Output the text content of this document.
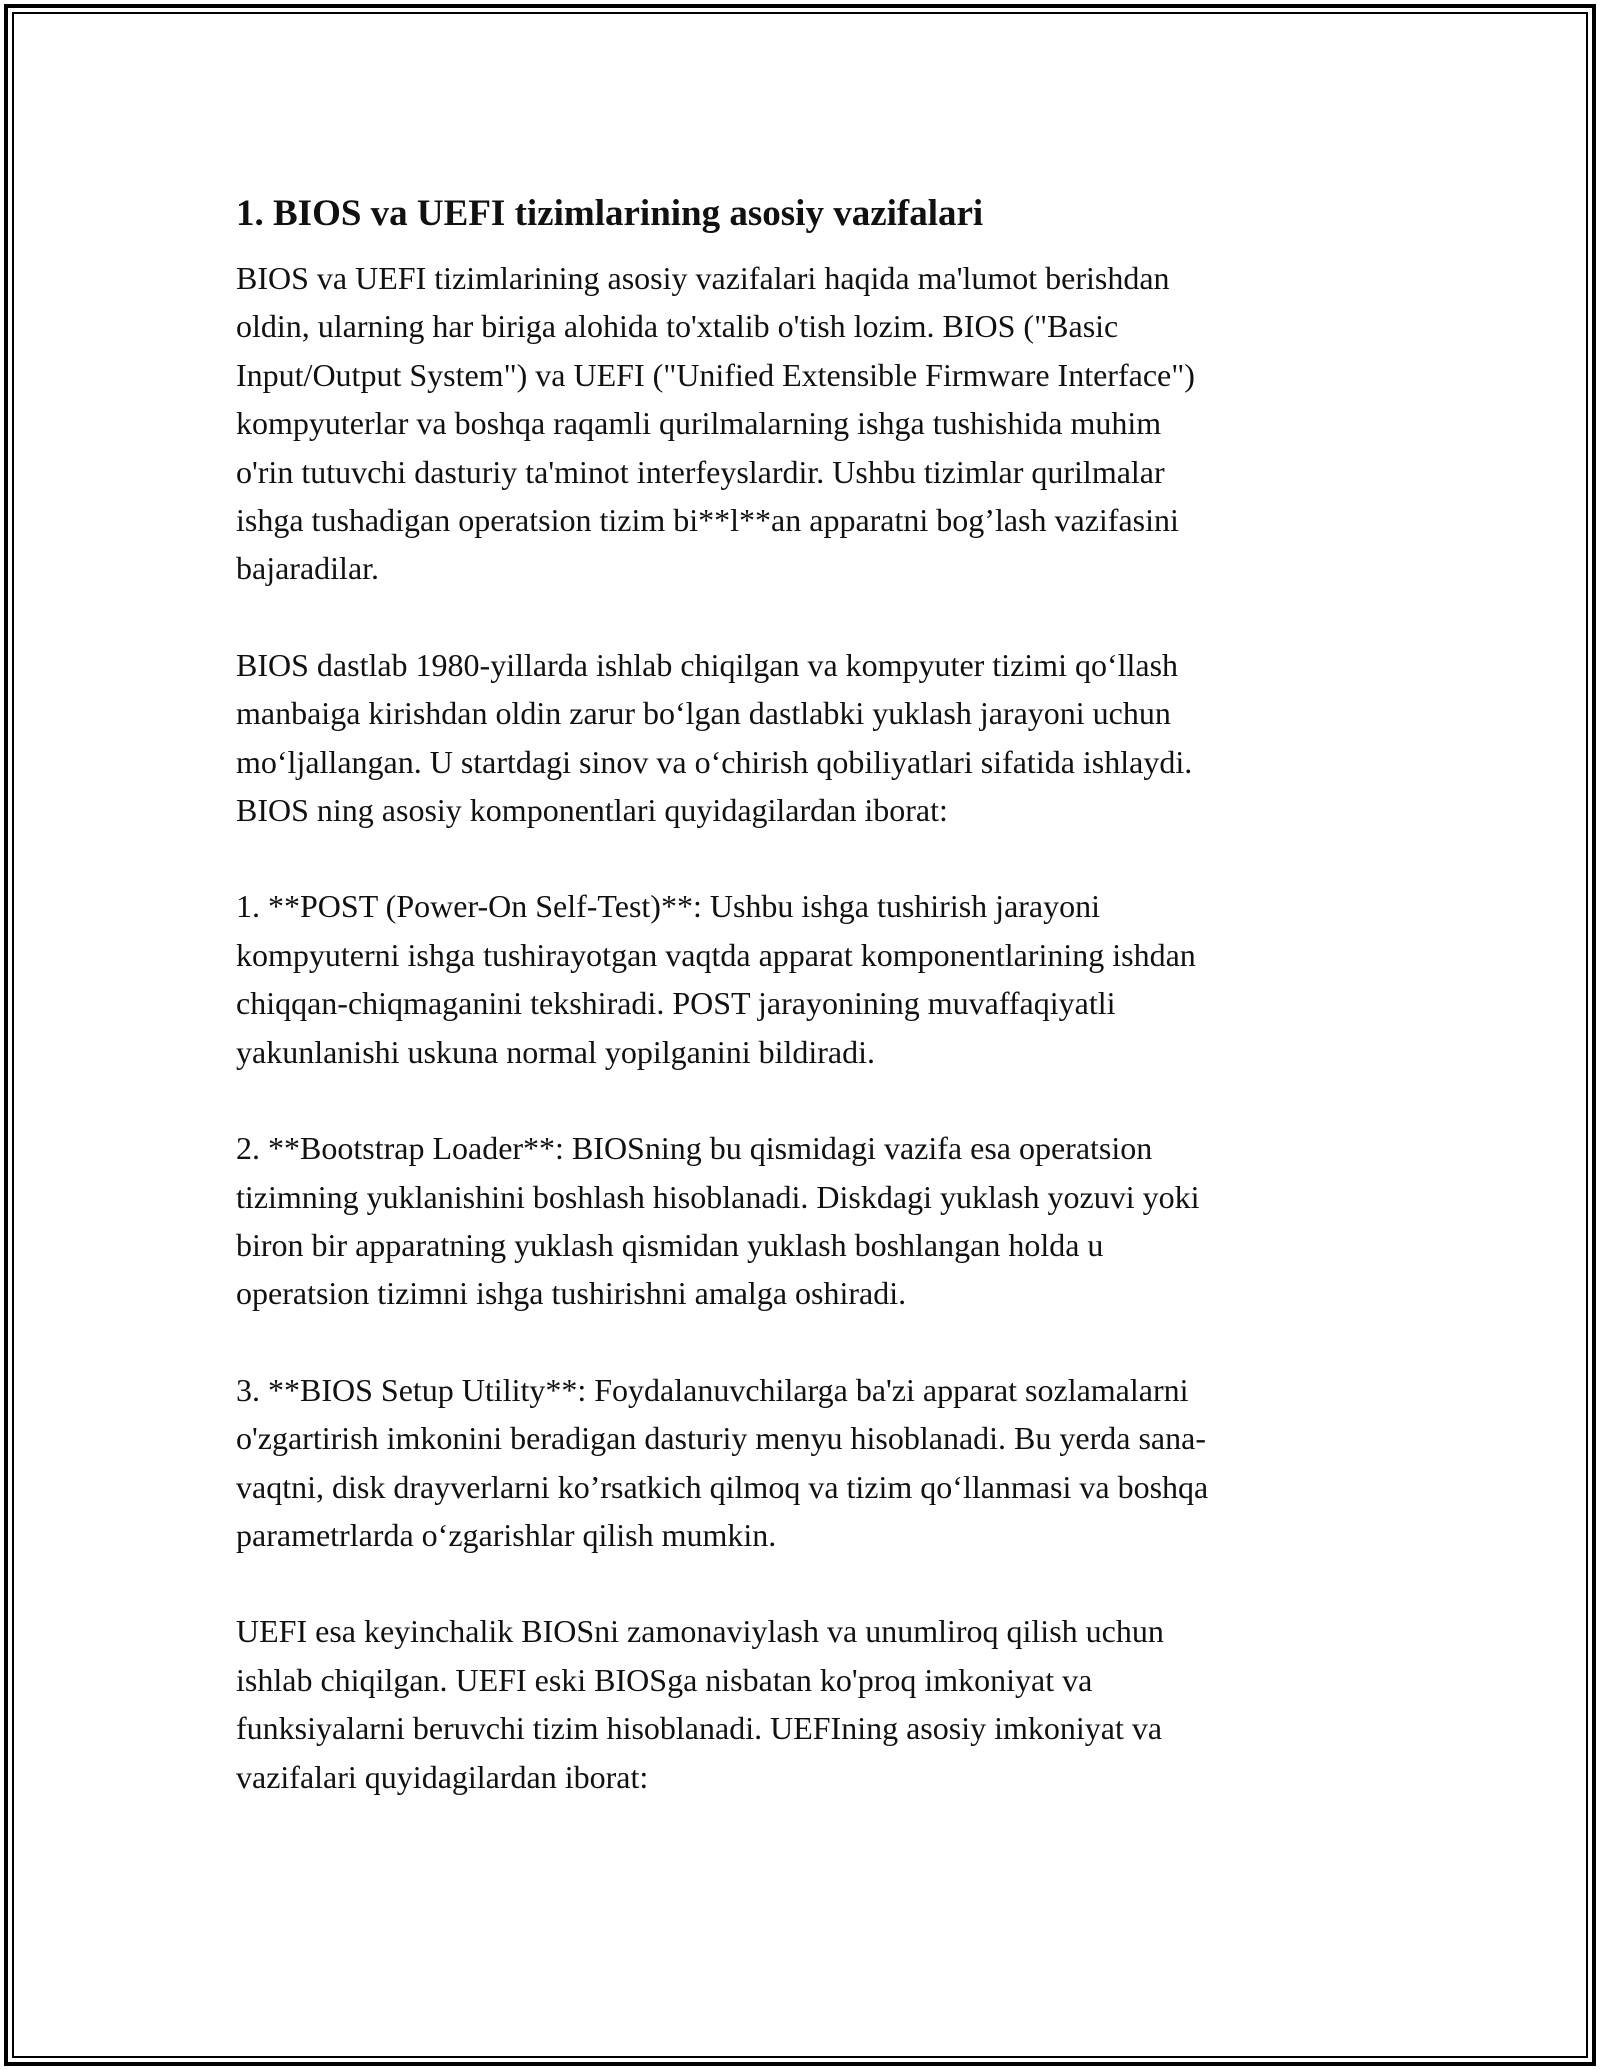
1. BIOS va UEFI tizimlarining asosiy vazifalari

BIOS va UEFI tizimlarining asosiy vazifalari haqida ma'lumot berishdan
oldin, ularning har biriga alohida to'xtalib o'tish lozim. BIOS ("Basic
Input/Output System") va UEFI ("Unified Extensible Firmware Interface")
kompyuterlar va boshqa raqamli qurilmalarning ishga tushishida muhim
o'rin tutuvchi dasturiy ta'minot interfeyslardir. Ushbu tizimlar qurilmalar
ishga tushadigan operatsion tizim bi**l**an apparatni bog’lash vazifasini
bajaradilar.

BIOS dastlab 1980-yillarda ishlab chiqilgan va kompyuter tizimi qo‘llash
manbaiga kirishdan oldin zarur bo‘lgan dastlabki yuklash jarayoni uchun
mo‘ljallangan. U startdagi sinov va o‘chirish qobiliyatlari sifatida ishlaydi.
BIOS ning asosiy komponentlari quyidagilardan iborat:

1. **POST (Power-On Self-Test)**: Ushbu ishga tushirish jarayoni
kompyuterni ishga tushirayotgan vaqtda apparat komponentlarining ishdan
chiqqan-chiqmaganini tekshiradi. POST jarayonining muvaffaqiyatli
yakunlanishi uskuna normal yopilganini bildiradi.

2. **Bootstrap Loader**: BIOSning bu qismidagi vazifa esa operatsion
tizimning yuklanishini boshlash hisoblanadi. Diskdagi yuklash yozuvi yoki
biron bir apparatning yuklash qismidan yuklash boshlangan holda u
operatsion tizimni ishga tushirishni amalga oshiradi.

3. **BIOS Setup Utility**: Foydalanuvchilarga ba'zi apparat sozlamalarni
o'zgartirish imkonini beradigan dasturiy menyu hisoblanadi. Bu yerda sana-
vaqtni, disk drayverlarni ko’rsatkich qilmoq va tizim qo‘llanmasi va boshqa
parametrlarda o‘zgarishlar qilish mumkin.

UEFI esa keyinchalik BIOSni zamonaviylash va unumliroq qilish uchun
ishlab chiqilgan. UEFI eski BIOSga nisbatan ko'proq imkoniyat va
funksiyalarni beruvchi tizim hisoblanadi. UEFIning asosiy imkoniyat va
vazifalari quyidagilardan iborat:
